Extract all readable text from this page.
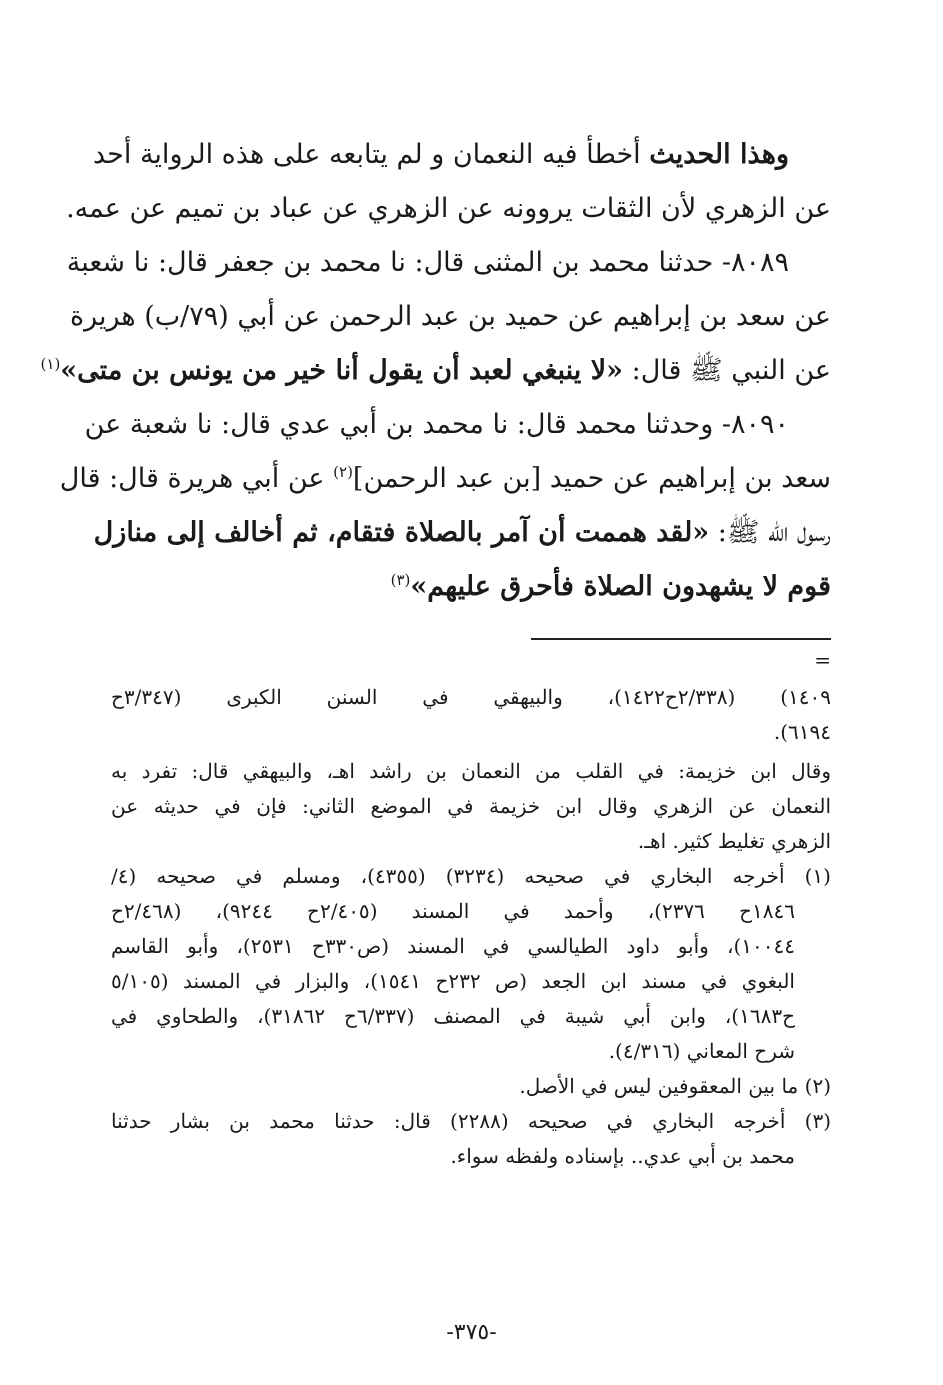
وهذا الحديث أخطأ فيه النعمان و لم يتابعه على هذه الرواية أحد
عن الزهري لأن الثقات يروونه عن الزهري عن عباد بن تميم عن عمه.
٨٠٨٩- حدثنا محمد بن المثنى قال: نا محمد بن جعفر قال: نا شعبة
عن سعد بن إبراهيم عن حميد بن عبد الرحمن عن أبي (٧٩/ب) هريرة
عن النبي ﷺ قال: «لا ينبغي لعبد أن يقول أنا خير من يونس بن متى»$^{(١)}$
٨٠٩٠- وحدثنا محمد قال: نا محمد بن أبي عدي قال: نا شعبة عن
سعد بن إبراهيم عن حميد [بن عبد الرحمن]$^{(٢)}$ عن أبي هريرة قال: قال
رسول الله ﷺ: «لقد هممت أن آمر بالصلاة فتقام، ثم أخالف إلى منازل
قوم لا يشهدون الصلاة فأحرق عليهم»$^{(٣)}$
=
١٤٠٩) (٢/٣٣٨ح١٤٢٢)، والبيهقي في السنن الكبرى (٣/٣٤٧ح
٦١٩٤).
وقال ابن خزيمة: في القلب من النعمان بن راشد اهـ، والبيهقي قال: تفرد به
النعمان عن الزهري وقال ابن خزيمة في الموضع الثاني: فإن في حديثه عن
الزهري تغليط كثير. اهـ.
(١) أخرجه البخاري في صحيحه (٣٢٣٤) (٤٣٥٥)، ومسلم في صحيحه (٤/
١٨٤٦ح ٢٣٧٦)، وأحمد في المسند (٢/٤٠٥ح ٩٢٤٤)، (٢/٤٦٨ح
١٠٠٤٤)، وأبو داود الطيالسي في المسند (ص٣٣٠ح ٢٥٣١)، وأبو القاسم
البغوي في مسند ابن الجعد (ص ٢٣٢ح ١٥٤١)، والبزار في المسند (٥/١٠٥
ح١٦٨٣)، وابن أبي شيبة في المصنف (٦/٣٣٧ح ٣١٨٦٢)، والطحاوي في
شرح المعاني (٤/٣١٦).
(٢) ما بين المعقوفين ليس في الأصل.
(٣) أخرجه البخاري في صحيحه (٢٢٨٨) قال: حدثنا محمد بن بشار حدثنا
محمد بن أبي عدي.. بإسناده ولفظه سواء.
-٣٧٥-
